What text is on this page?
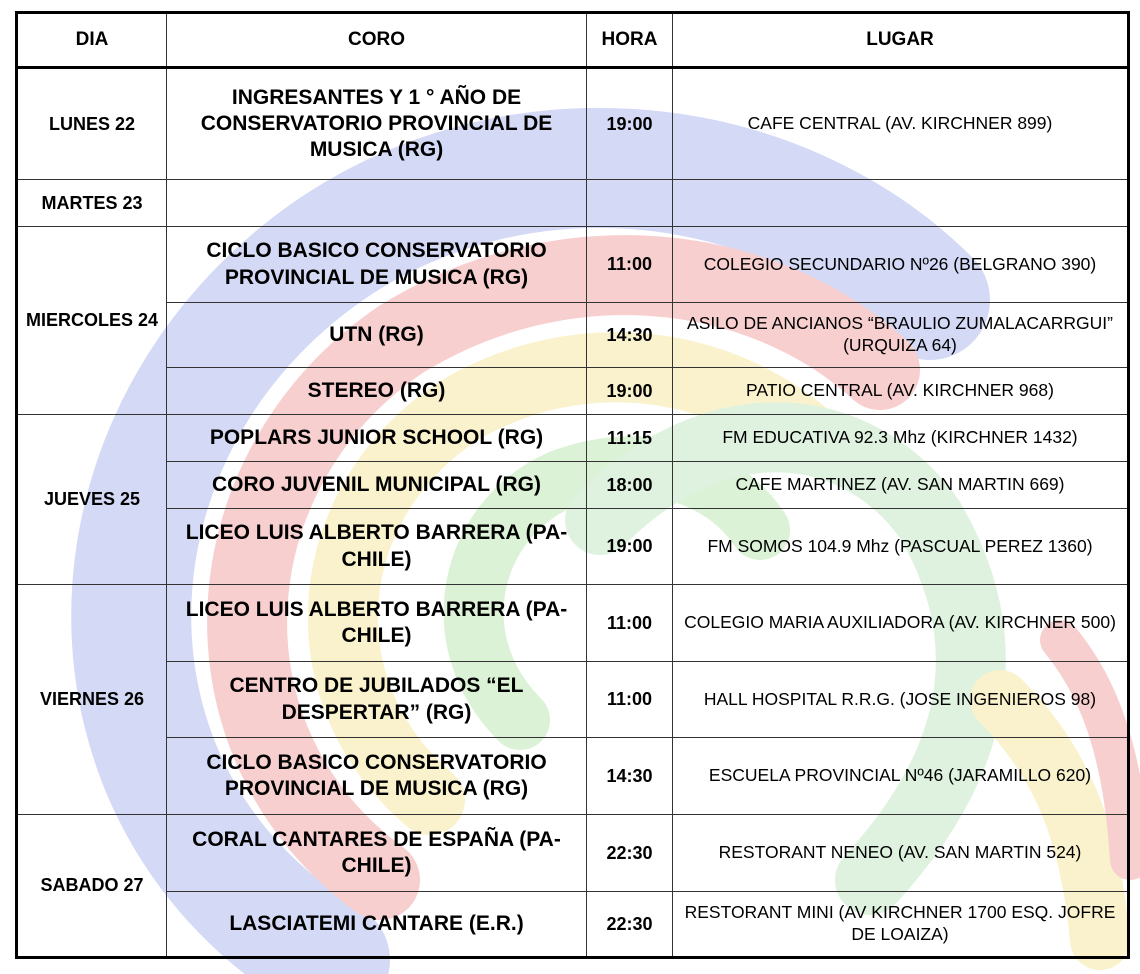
DIA	CORO	HORA	LUGAR
LUNES 22	INGRESANTES Y 1 ° AÑO DE CONSERVATORIO PROVINCIAL DE MUSICA (RG)	19:00	CAFE CENTRAL (AV. KIRCHNER 899)
MARTES 23			
MIERCOLES 24	CICLO BASICO CONSERVATORIO PROVINCIAL DE MUSICA (RG)	11:00	COLEGIO SECUNDARIO Nº26 (BELGRANO 390)
	UTN (RG)	14:30	ASILO DE ANCIANOS “BRAULIO ZUMALACARRGUI” (URQUIZA 64)
	STEREO (RG)	19:00	PATIO CENTRAL (AV. KIRCHNER 968)
JUEVES 25	POPLARS JUNIOR SCHOOL (RG)	11:15	FM EDUCATIVA 92.3 Mhz (KIRCHNER 1432)
	CORO JUVENIL MUNICIPAL (RG)	18:00	CAFE MARTINEZ (AV. SAN MARTIN 669)
	LICEO LUIS ALBERTO BARRERA (PA-CHILE)	19:00	FM SOMOS 104.9 Mhz (PASCUAL PEREZ 1360)
VIERNES 26	LICEO LUIS ALBERTO BARRERA (PA-CHILE)	11:00	COLEGIO MARIA AUXILIADORA (AV. KIRCHNER 500)
	CENTRO DE JUBILADOS “EL DESPERTAR” (RG)	11:00	HALL HOSPITAL R.R.G. (JOSE INGENIEROS 98)
	CICLO BASICO CONSERVATORIO PROVINCIAL DE MUSICA (RG)	14:30	ESCUELA PROVINCIAL Nº46 (JARAMILLO 620)
SABADO 27	CORAL CANTARES DE ESPAÑA (PA-CHILE)	22:30	RESTORANT NENEO (AV. SAN MARTIN 524)
	LASCIATEMI CANTARE (E.R.)	22:30	RESTORANT MINI (AV KIRCHNER 1700 ESQ. JOFRE DE LOAIZA)
